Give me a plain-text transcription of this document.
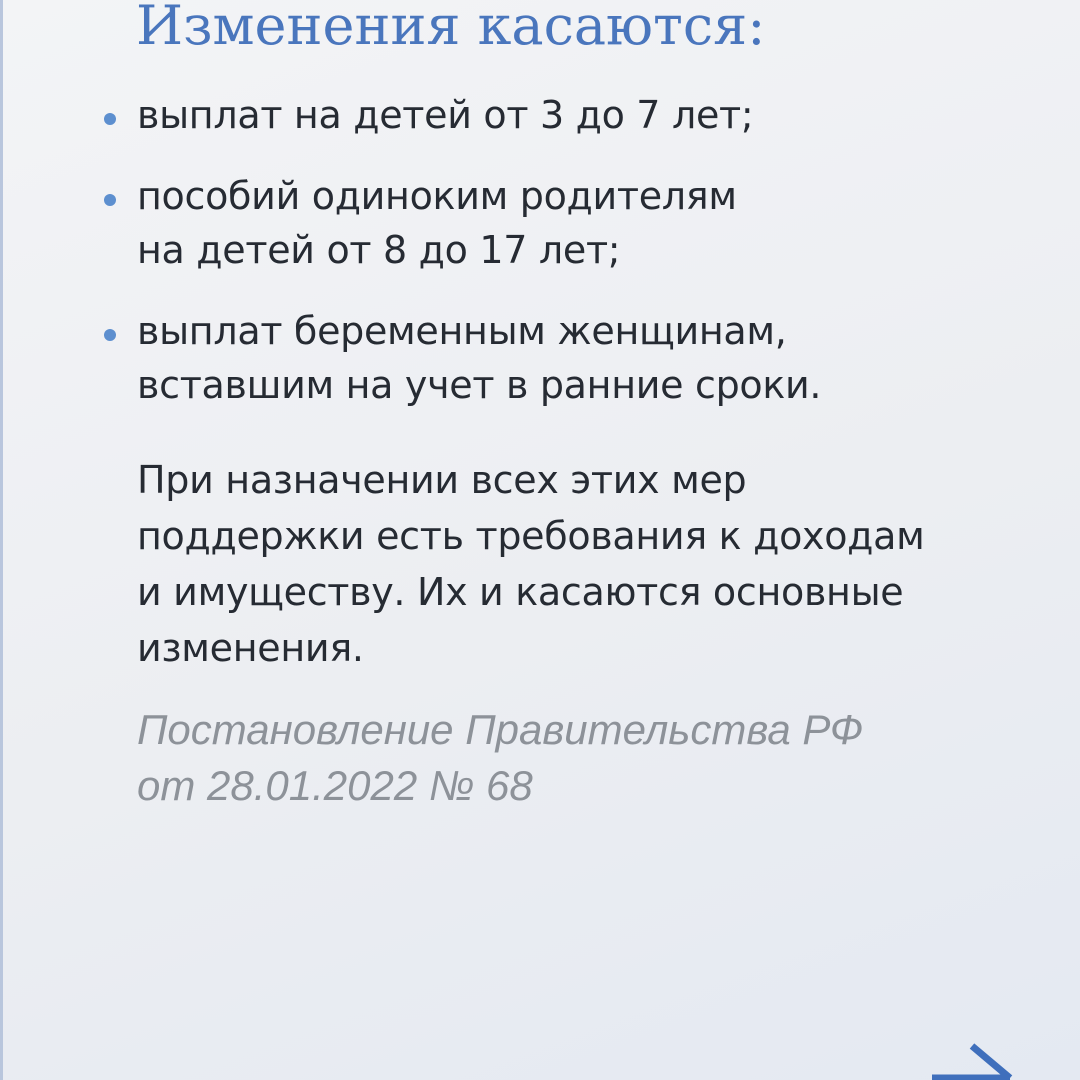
Изменения касаются:
выплат на детей от 3 до 7 лет;
пособий одиноким родителям
на детей от 8 до 17 лет;
выплат беременным женщинам,
вставшим на учет в ранние сроки.

При назначении всех этих мер
поддержки есть требования к доходам
и имуществу. Их и касаются основные
изменения.

Постановление Правительства РФ
от 28.01.2022 № 68
